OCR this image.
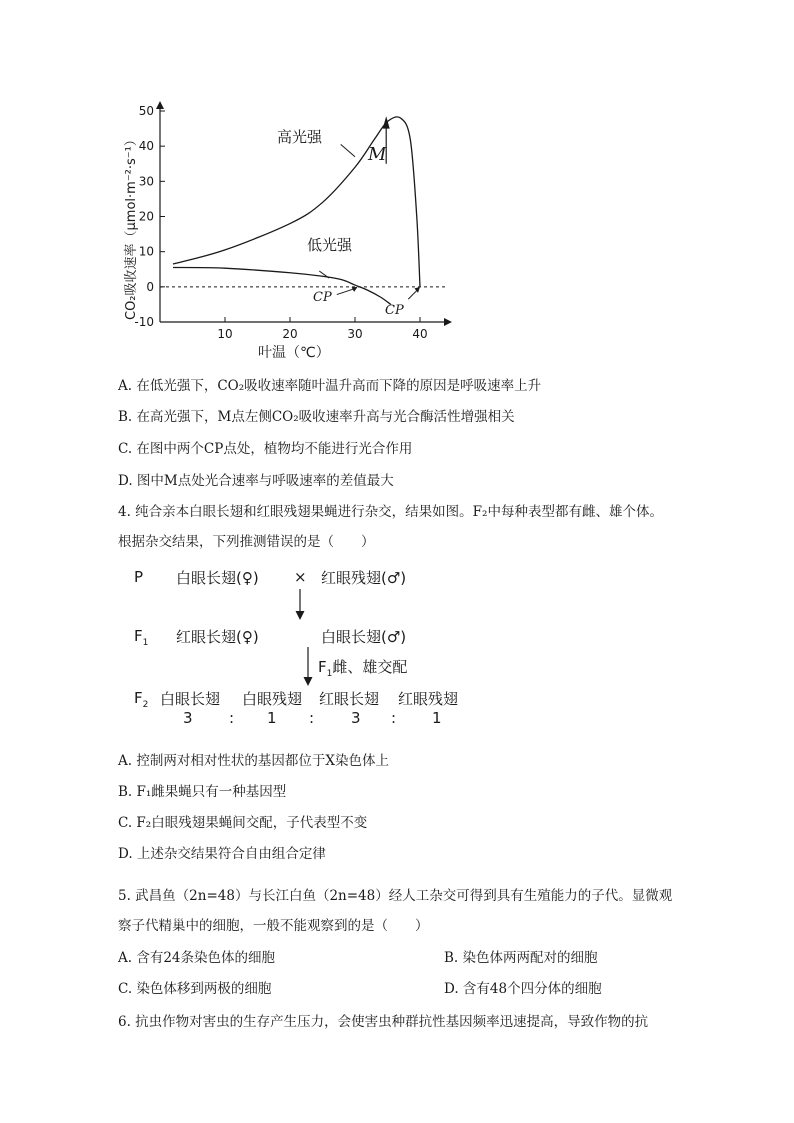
50
40
30
20
10
0
-10
10	20	30	40
CO₂吸收速率（μmol·m⁻²·s⁻¹）
叶温（℃）
高光强
低光强
M
CP
CP
A. 在低光强下，CO₂吸收速率随叶温升高而下降的原因是呼吸速率上升
B. 在高光强下，M点左侧CO₂吸收速率升高与光合酶活性增强相关
C. 在图中两个CP点处，植物均不能进行光合作用
D. 图中M点处光合速率与呼吸速率的差值最大
4. 纯合亲本白眼长翅和红眼残翅果蝇进行杂交，结果如图。F₂中每种表型都有雌、雄个体。
根据杂交结果，下列推测错误的是（　　）
P 白眼长翅(♀) × 红眼残翅(♂)
$F_1$ 红眼长翅(♀)	白眼长翅(♂)
$F_1$雌、雄交配
$F_2$ 白眼长翅 白眼残翅 红眼长翅 红眼残翅
3 : 1 : 3 : 1
A. 控制两对相对性状的基因都位于X染色体上
B. F₁雌果蝇只有一种基因型
C. F₂白眼残翅果蝇间交配，子代表型不变
D. 上述杂交结果符合自由组合定律
5. 武昌鱼（2n=48）与长江白鱼（2n=48）经人工杂交可得到具有生殖能力的子代。显微观
察子代精巢中的细胞，一般不能观察到的是（　　）
A. 含有24条染色体的细胞	B. 染色体两两配对的细胞
C. 染色体移到两极的细胞	D. 含有48个四分体的细胞
6. 抗虫作物对害虫的生存产生压力，会使害虫种群抗性基因频率迅速提高，导致作物的抗
